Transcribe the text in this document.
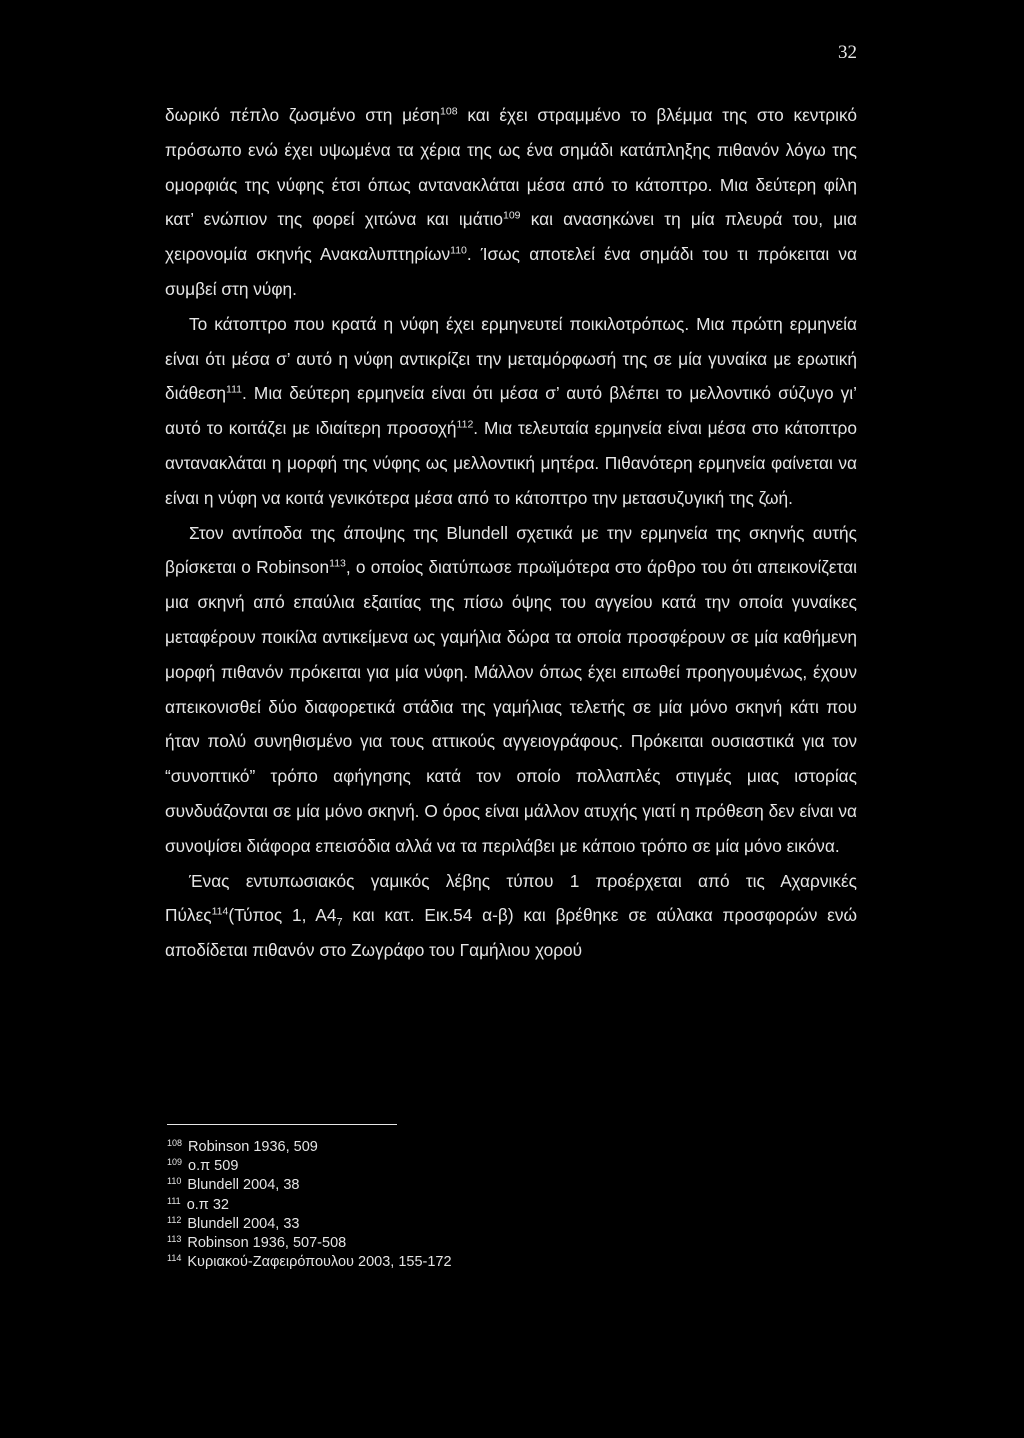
32

δωρικό πέπλο ζωσμένο στη μέση$^{108}$ και έχει στραμμένο το βλέμμα της στο κεντρικό πρόσωπο ενώ έχει υψωμένα τα χέρια της ως ένα σημάδι κατάπληξης πιθανόν λόγω της ομορφιάς της νύφης έτσι όπως αντανακλάται μέσα από το κάτοπτρο. Μια δεύτερη φίλη κατ’ ενώπιον της φορεί χιτώνα και ιμάτιο$^{109}$ και ανασηκώνει τη μία πλευρά του, μια χειρονομία σκηνής Ανακαλυπτηρίων$^{110}$. Ίσως αποτελεί ένα σημάδι του τι πρόκειται να συμβεί στη νύφη.

Το κάτοπτρο που κρατά η νύφη έχει ερμηνευτεί ποικιλοτρόπως. Μια πρώτη ερμηνεία είναι ότι μέσα σ’ αυτό η νύφη αντικρίζει την μεταμόρφωσή της σε μία γυναίκα με ερωτική διάθεση$^{111}$. Μια δεύτερη ερμηνεία είναι ότι μέσα σ’ αυτό βλέπει το μελλοντικό σύζυγο γι’ αυτό το κοιτάζει με ιδιαίτερη προσοχή$^{112}$. Μια τελευταία ερμηνεία είναι μέσα στο κάτοπτρο αντανακλάται η μορφή της νύφης ως μελλοντική μητέρα. Πιθανότερη ερμηνεία φαίνεται να είναι η νύφη να κοιτά γενικότερα μέσα από το κάτοπτρο την μετασυζυγική της ζωή.

Στον αντίποδα της άποψης της Blundell σχετικά με την ερμηνεία της σκηνής αυτής βρίσκεται ο Robinson$^{113}$, ο οποίος διατύπωσε πρωϊμότερα στο άρθρο του ότι απεικονίζεται μια σκηνή από επαύλια εξαιτίας της πίσω όψης του αγγείου κατά την οποία γυναίκες μεταφέρουν ποικίλα αντικείμενα ως γαμήλια δώρα τα οποία προσφέρουν σε μία καθήμενη μορφή πιθανόν πρόκειται για μία νύφη. Μάλλον όπως έχει ειπωθεί προηγουμένως, έχουν απεικονισθεί δύο διαφορετικά στάδια της γαμήλιας τελετής σε μία μόνο σκηνή κάτι που ήταν πολύ συνηθισμένο για τους αττικούς αγγειογράφους. Πρόκειται ουσιαστικά για τον “συνοπτικό” τρόπο αφήγησης κατά τον οποίο πολλαπλές στιγμές μιας ιστορίας συνδυάζονται σε μία μόνο σκηνή. Ο όρος είναι μάλλον ατυχής γιατί η πρόθεση δεν είναι να συνοψίσει διάφορα επεισόδια αλλά να τα περιλάβει με κάποιο τρόπο σε μία μόνο εικόνα.

Ένας εντυπωσιακός γαμικός λέβης τύπου 1 προέρχεται από τις Αχαρνικές Πύλες$^{114}$(Τύπος 1, $A4_7$ και κατ. Εικ.54 α-β) και βρέθηκε σε αύλακα προσφορών ενώ αποδίδεται πιθανόν στο Ζωγράφο του Γαμήλιου χορού

$^{108}$ Robinson 1936, 509
$^{109}$ ο.π 509
$^{110}$ Blundell 2004, 38
$^{111}$ ο.π 32
$^{112}$ Blundell 2004, 33
$^{113}$ Robinson 1936, 507-508
$^{114}$ Κυριακού-Ζαφειρόπουλου 2003, 155-172
